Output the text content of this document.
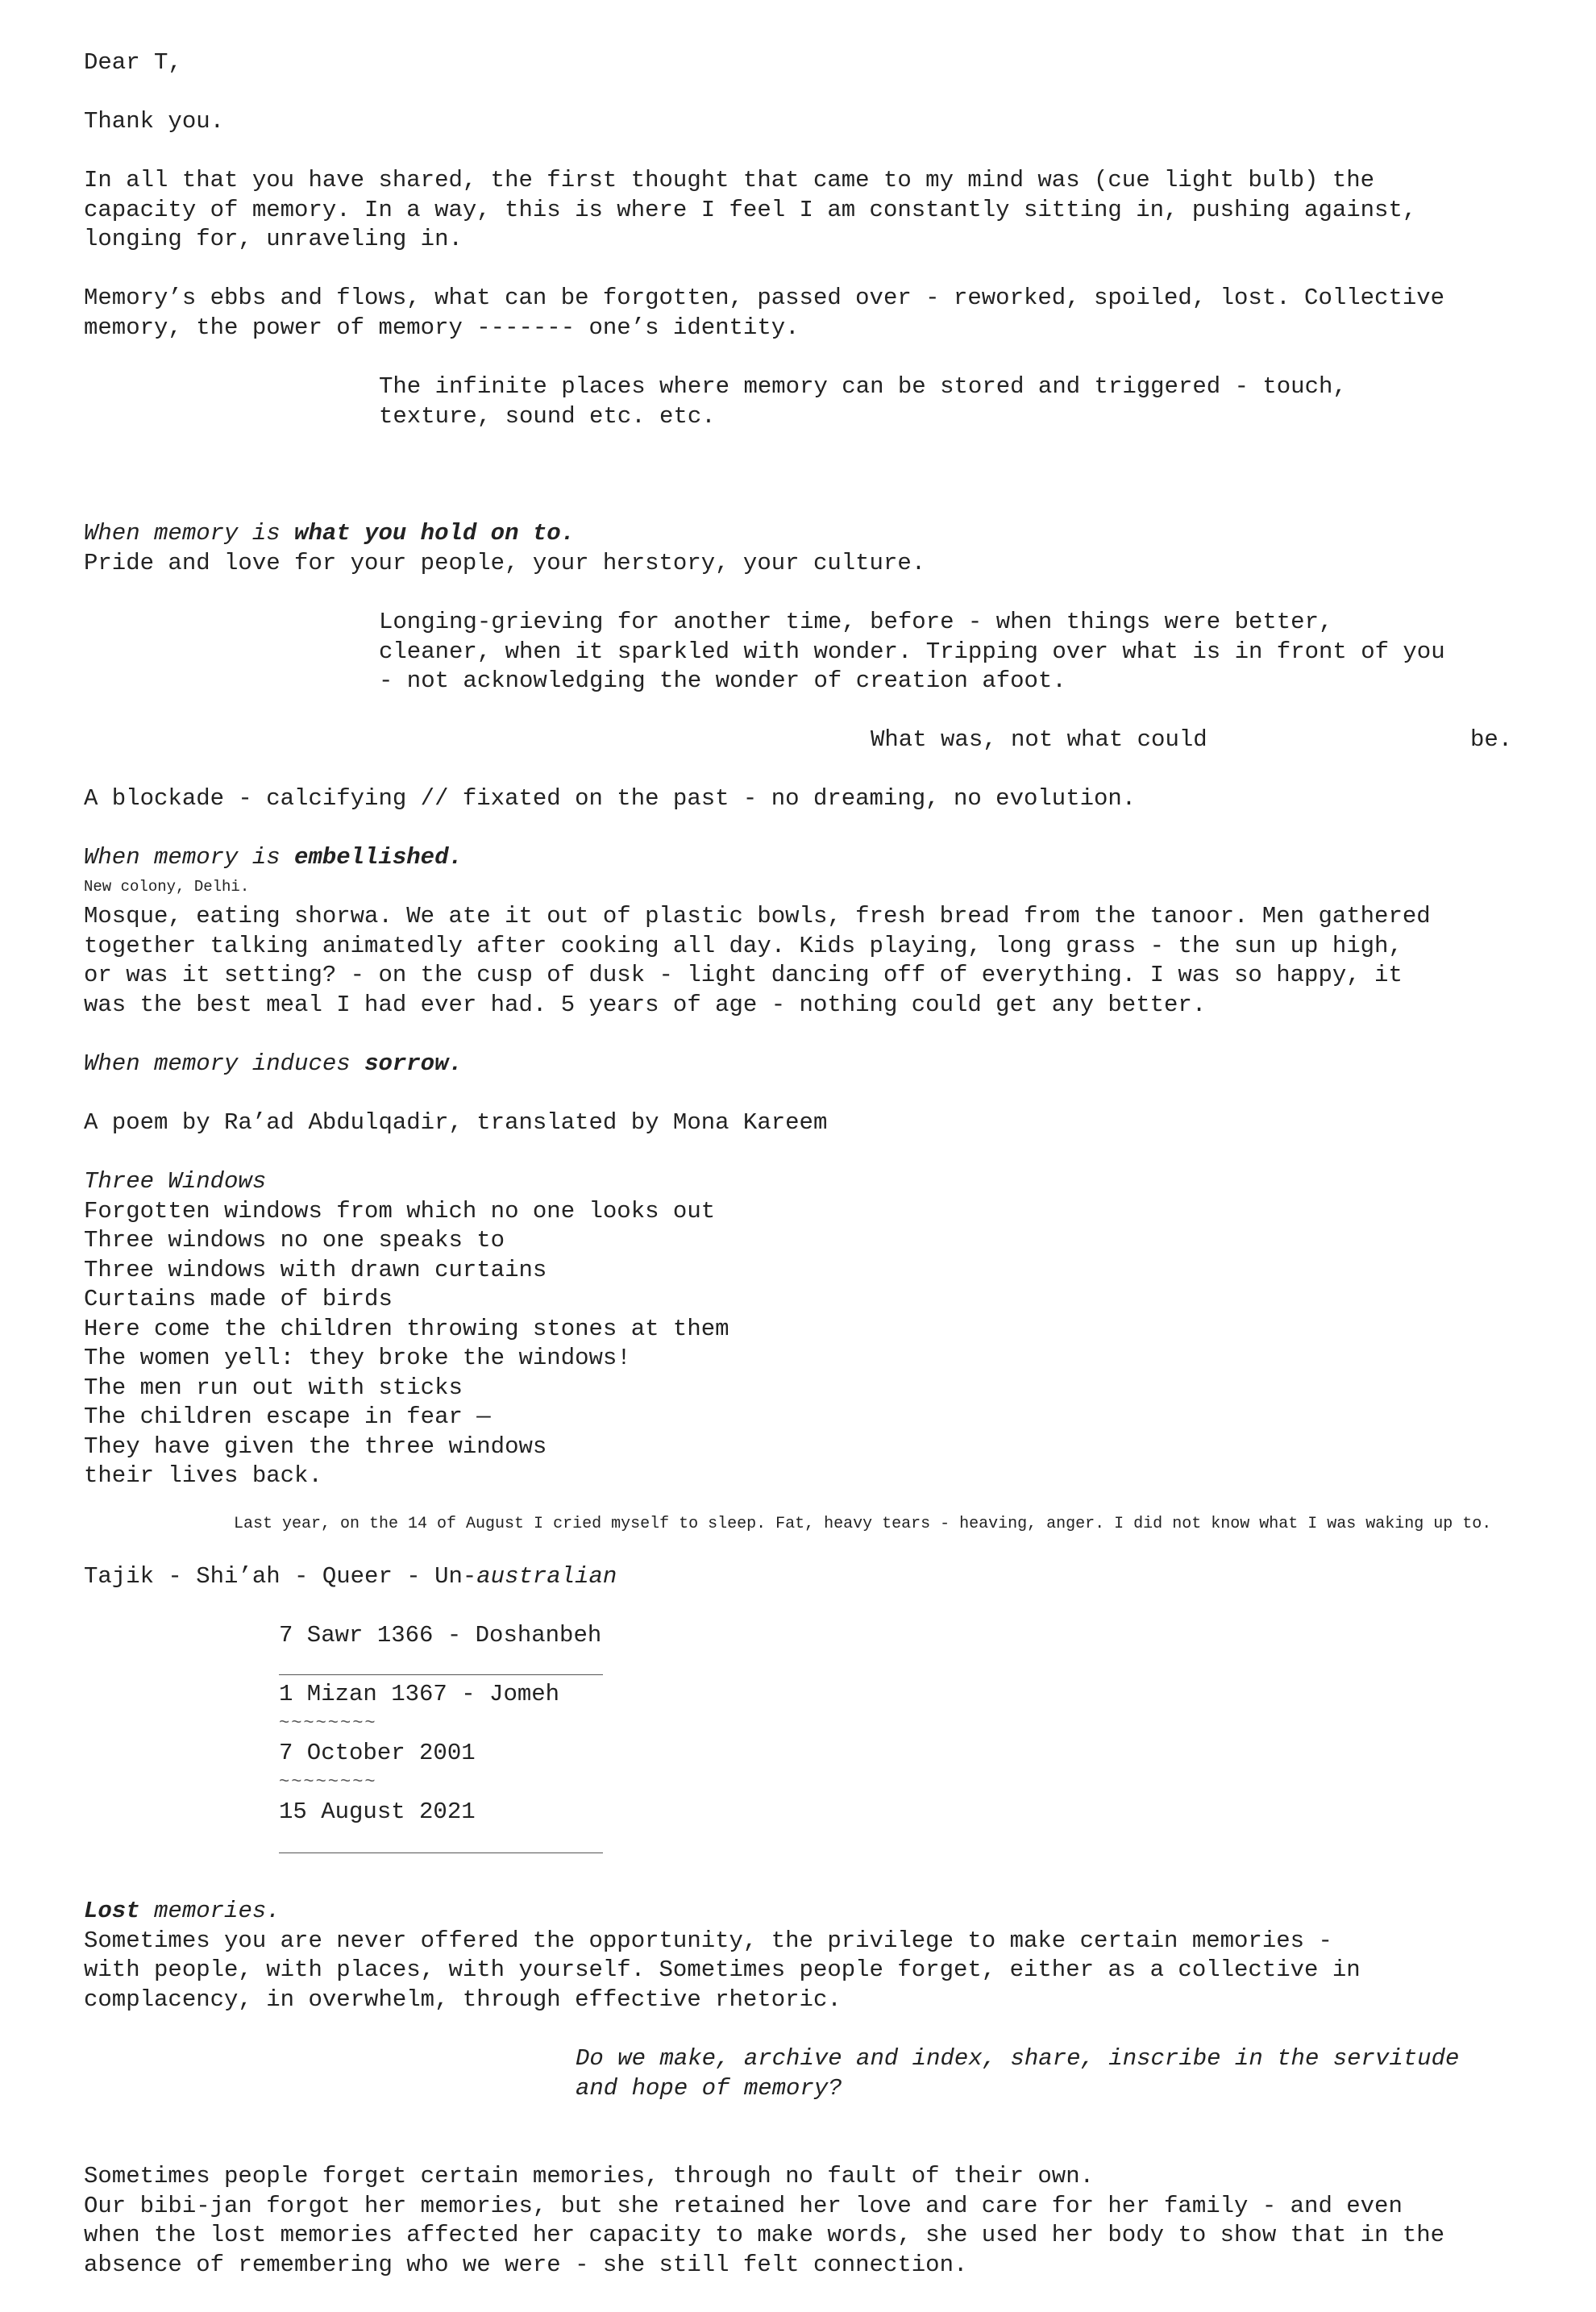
Dear T,
Thank you.
In all that you have shared, the first thought that came to my mind was (cue light bulb) the
capacity of memory. In a way, this is where I feel I am constantly sitting in, pushing against,
longing for, unraveling in.
Memory’s ebbs and flows, what can be forgotten, passed over - reworked, spoiled, lost. Collective
memory, the power of memory ------- one’s identity.
The infinite places where memory can be stored and triggered - touch,
texture, sound etc. etc.
When memory is what you hold on to.
Pride and love for your people, your herstory, your culture.
Longing-grieving for another time, before - when things were better,
cleaner, when it sparkled with wonder. Tripping over what is in front of you
- not acknowledging the wonder of creation afoot.
What was, not what could	be.
A blockade - calcifying // fixated on the past - no dreaming, no evolution.
When memory is embellished.
New colony, Delhi.
Mosque, eating shorwa. We ate it out of plastic bowls, fresh bread from the tanoor. Men gathered
together talking animatedly after cooking all day. Kids playing, long grass - the sun up high,
or was it setting? - on the cusp of dusk - light dancing off of everything. I was so happy, it
was the best meal I had ever had. 5 years of age - nothing could get any better.
When memory induces sorrow.
A poem by Ra’ad Abdulqadir, translated by Mona Kareem
Three Windows
Forgotten windows from which no one looks out
Three windows no one speaks to
Three windows with drawn curtains
Curtains made of birds
Here come the children throwing stones at them
The women yell: they broke the windows!
The men run out with sticks
The children escape in fear —
They have given the three windows
their lives back.
Last year, on the 14 of August I cried myself to sleep. Fat, heavy tears - heaving, anger. I did not know what I was waking up to.
Tajik - Shi’ah - Queer - Un-australian
7 Sawr 1366 - Doshanbeh
1 Mizan 1367 - Jomeh
~~~~~~~~
7 October 2001
~~~~~~~~
15 August 2021
Lost memories.
Sometimes you are never offered the opportunity, the privilege to make certain memories -
with people, with places, with yourself. Sometimes people forget, either as a collective in
complacency, in overwhelm, through effective rhetoric.
Do we make, archive and index, share, inscribe in the servitude
and hope of memory?
Sometimes people forget certain memories, through no fault of their own.
Our bibi-jan forgot her memories, but she retained her love and care for her family - and even
when the lost memories affected her capacity to make words, she used her body to show that in the
absence of remembering who we were - she still felt connection.
